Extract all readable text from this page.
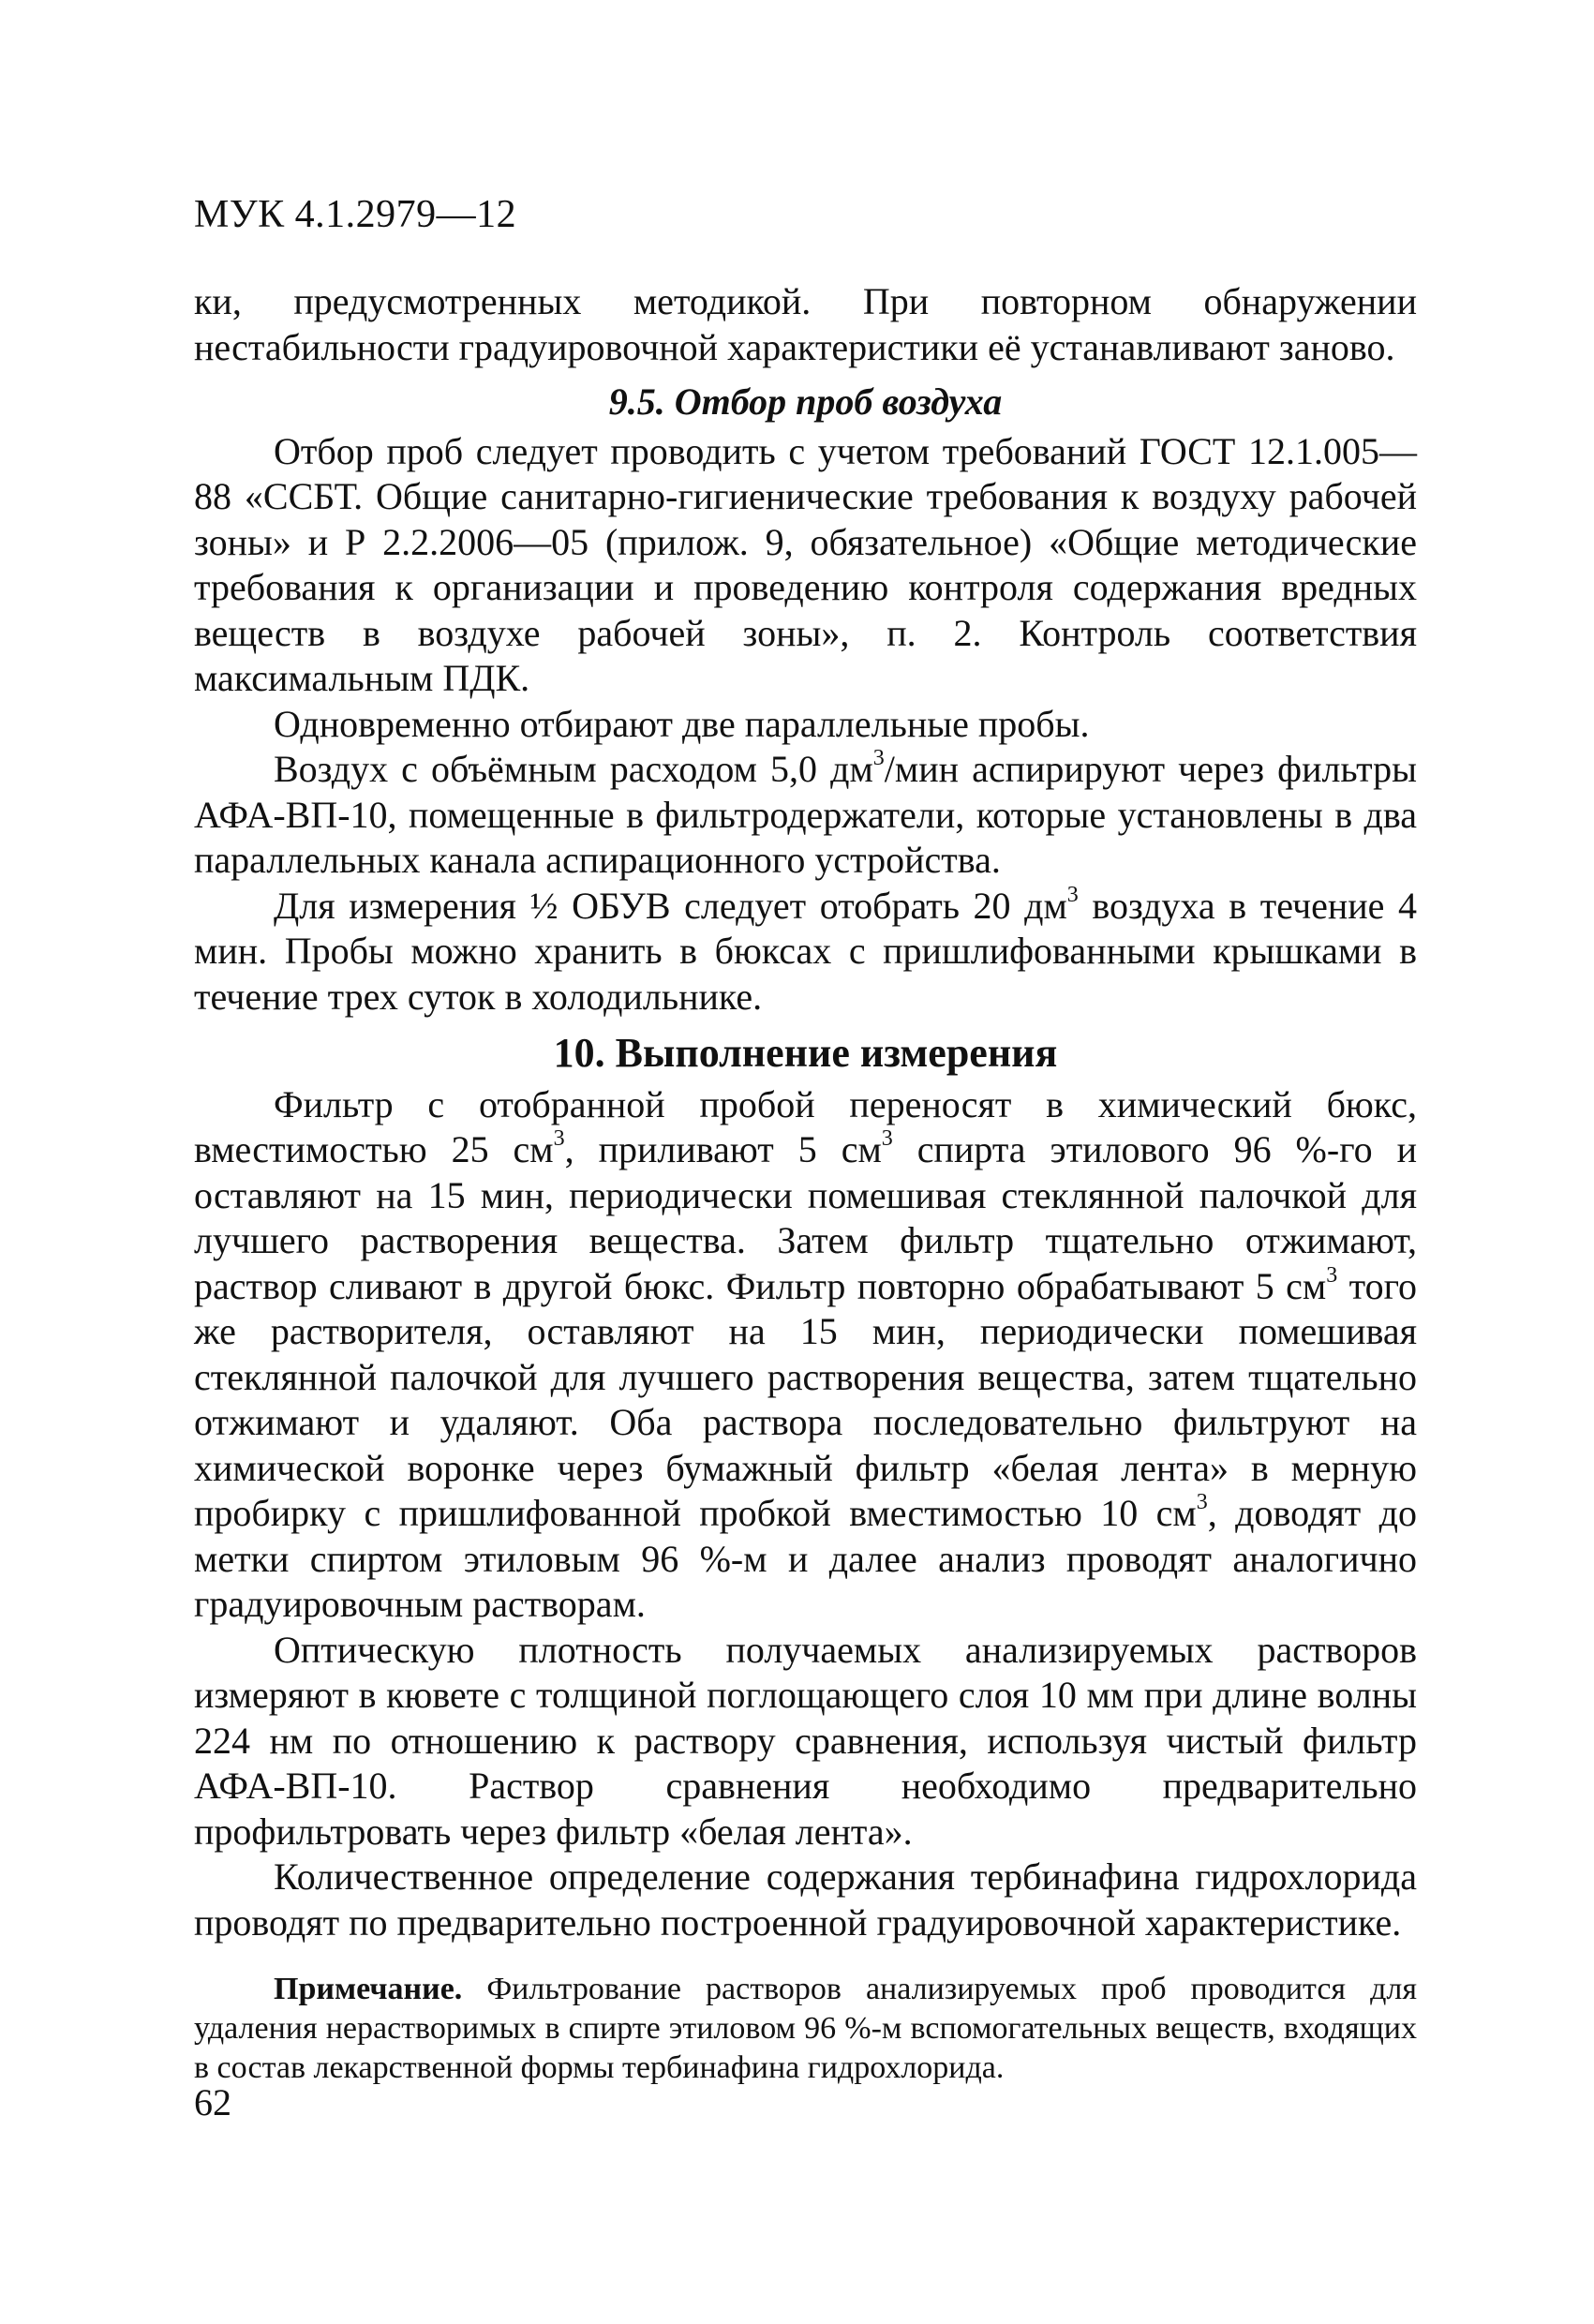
МУК 4.1.2979—12

ки, предусмотренных методикой. При повторном обнаружении нестабильности градуировочной характеристики её устанавливают заново.

9.5. Отбор проб воздуха

Отбор проб следует проводить с учетом требований ГОСТ 12.1.005—88 «ССБТ. Общие санитарно-гигиенические требования к воздуху рабочей зоны» и Р 2.2.2006—05 (прилож. 9, обязательное) «Общие методические требования к организации и проведению контроля содержания вредных веществ в воздухе рабочей зоны», п. 2. Контроль соответствия максимальным ПДК.

Одновременно отбирают две параллельные пробы.

Воздух с объёмным расходом 5,0 $дм^3$/мин аспирируют через фильтры АФА-ВП-10, помещенные в фильтродержатели, которые установлены в два параллельных канала аспирационного устройства.

Для измерения ½ ОБУВ следует отобрать 20 $дм^3$ воздуха в течение 4 мин. Пробы можно хранить в бюксах с пришлифованными крышками в течение трех суток в холодильнике.

10. Выполнение измерения

Фильтр с отобранной пробой переносят в химический бюкс, вместимостью 25 $см^3$, приливают 5 $см^3$ спирта этилового 96 %-го и оставляют на 15 мин, периодически помешивая стеклянной палочкой для лучшего растворения вещества. Затем фильтр тщательно отжимают, раствор сливают в другой бюкс. Фильтр повторно обрабатывают 5 $см^3$ того же растворителя, оставляют на 15 мин, периодически помешивая стеклянной палочкой для лучшего растворения вещества, затем тщательно отжимают и удаляют. Оба раствора последовательно фильтруют на химической воронке через бумажный фильтр «белая лента» в мерную пробирку с пришлифованной пробкой вместимостью 10 $см^3$, доводят до метки спиртом этиловым 96 %-м и далее анализ проводят аналогично градуировочным растворам.

Оптическую плотность получаемых анализируемых растворов измеряют в кювете с толщиной поглощающего слоя 10 мм при длине волны 224 нм по отношению к раствору сравнения, используя чистый фильтр АФА-ВП-10. Раствор сравнения необходимо предварительно профильтровать через фильтр «белая лента».

Количественное определение содержания тербинафина гидрохлорида проводят по предварительно построенной градуировочной характеристике.

Примечание. Фильтрование растворов анализируемых проб проводится для удаления нерастворимых в спирте этиловом 96 %-м вспомогательных веществ, входящих в состав лекарственной формы тербинафина гидрохлорида.

62
